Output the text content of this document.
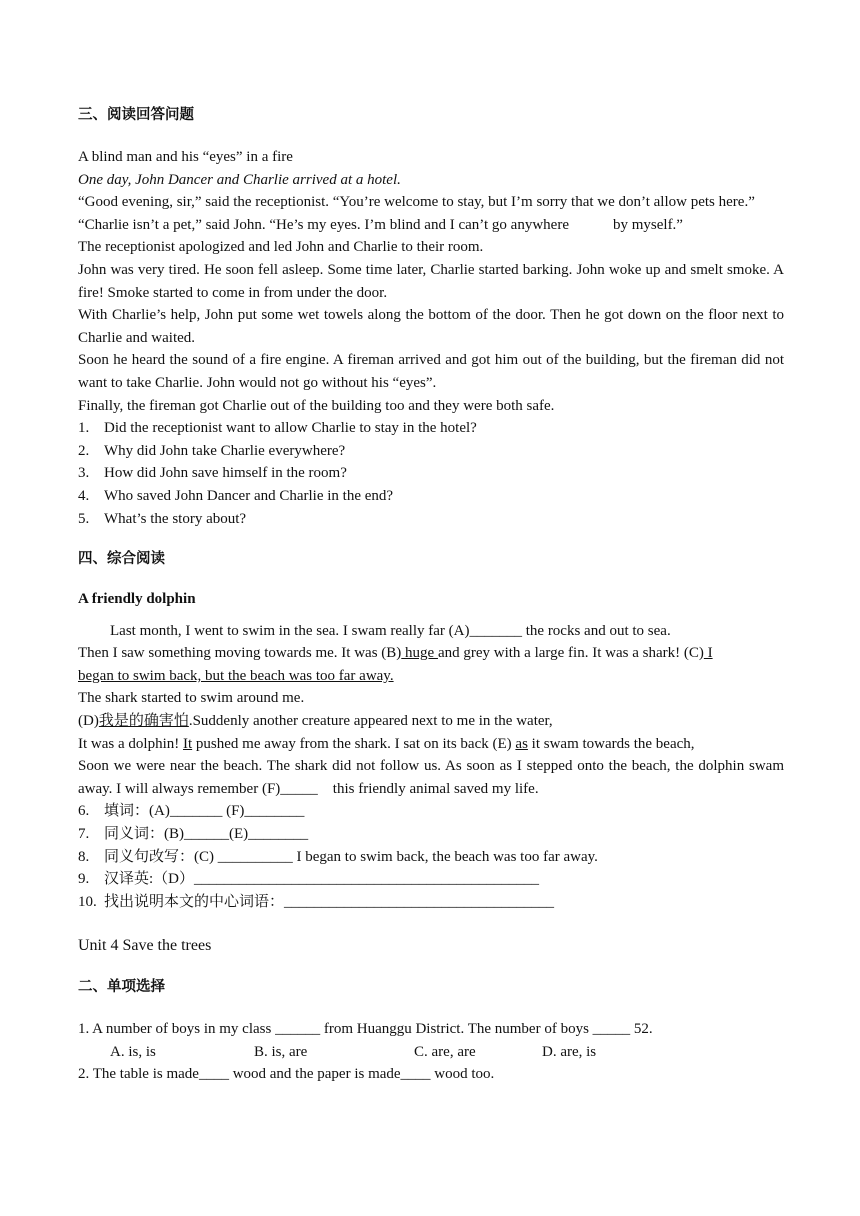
三、阅读回答问题

A blind man and his “eyes” in a fire

One day, John Dancer and Charlie arrived at a hotel.

“Good evening, sir,” said the receptionist. “You’re welcome to stay, but I’m sorry that we don’t allow pets here.”

“Charlie isn’t a pet,” said John. “He’s my eyes. I’m blind and I can’t go anywhere	by myself.”

The receptionist apologized and led John and Charlie to their room.

John was very tired. He soon fell asleep. Some time later, Charlie started barking. John woke up and smelt smoke. A fire! Smoke started to come in from under the door.

With Charlie’s help, John put some wet towels along the bottom of the door. Then he got down on the floor next to Charlie and waited.

Soon he heard the sound of a fire engine. A fireman arrived and got him out of the building, but the fireman did not want to take Charlie. John would not go without his “eyes”.

Finally, the fireman got Charlie out of the building too and they were both safe.

1. Did the receptionist want to allow Charlie to stay in the hotel?
2. Why did John take Charlie everywhere?
3. How did John save himself in the room?
4. Who saved John Dancer and Charlie in the end?
5. What’s the story about?

四、综合阅读

A friendly dolphin

Last month, I went to swim in the sea. I swam really far (A)_______ the rocks and out to sea.

Then I saw something moving towards me. It was (B) huge and grey with a large fin. It was a shark! (C) I

began to swim back, but the beach was too far away.

The shark started to swim around me.

(D)我是的确害怕.Suddenly another creature appeared next to me in the water,

It was a dolphin! It pushed me away from the shark. I sat on its back (E) as it swam towards the beach,

Soon we were near the beach. The shark did not follow us. As soon as I stepped onto the beach, the dolphin swam away. I will always remember (F)_____    this friendly animal saved my life.

6. 填词：(A)_______ (F)________
7. 同义词：(B)______(E)________
8. 同义句改写：(C) __________ I began to swim back, the beach was too far away.
9. 汉译英:（D）______________________________________________
10. 找出说明本文的中心词语：____________________________________

Unit 4 Save the trees

二、单项选择

1. A number of boys in my class ______ from Huanggu District. The number of boys _____ 52.

A. is, is	B. is, are	C. are, are	D. are, is

2. The table is made____ wood and the paper is made____ wood too.
